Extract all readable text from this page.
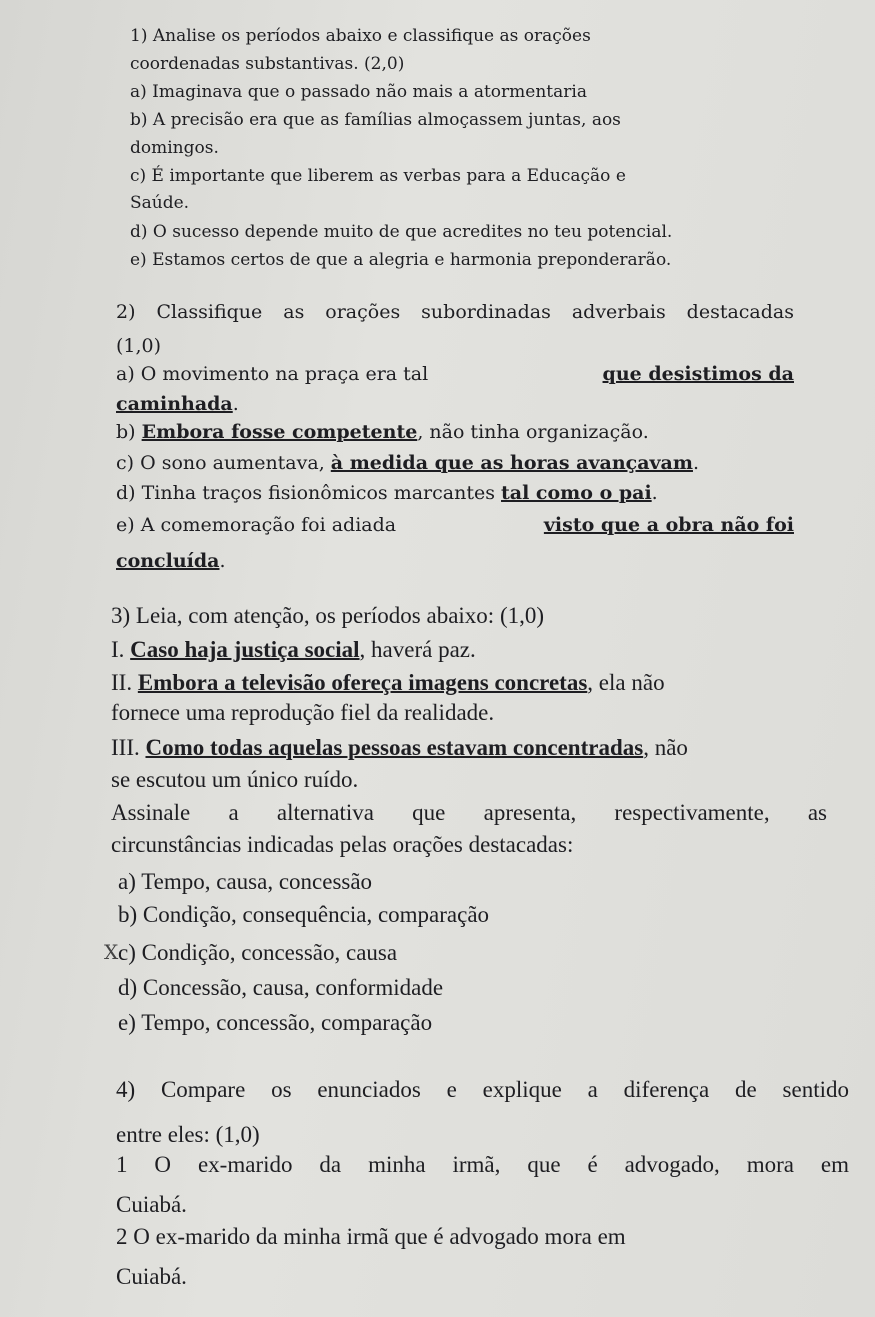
1) Analise os períodos abaixo e classifique as orações
coordenadas substantivas. (2,0)
a) Imaginava que o passado não mais a atormentaria
b) A precisão era que as famílias almoçassem juntas, aos
domingos.
c) É importante que liberem as verbas para a Educação e
Saúde.
d) O sucesso depende muito de que acredites no teu potencial.
e) Estamos certos de que a alegria e harmonia preponderarão.
2) Classifique as orações subordinadas adverbais destacadas
(1,0)
a) O movimento na praça era tal	que desistimos da
caminhada.
b) Embora fosse competente, não tinha organização.
c) O sono aumentava, à medida que as horas avançavam.
d) Tinha traços fisionômicos marcantes tal como o pai.
e) A comemoração foi adiada	visto que a obra não foi
concluída.
3) Leia, com atenção, os períodos abaixo: (1,0)
I. Caso haja justiça social, haverá paz.
II. Embora a televisão ofereça imagens concretas, ela não
fornece uma reprodução fiel da realidade.
III. Como todas aquelas pessoas estavam concentradas, não
se escutou um único ruído.
Assinale a alternativa que apresenta, respectivamente, as
circunstâncias indicadas pelas orações destacadas:
a) Tempo, causa, concessão
b) Condição, consequência, comparação
X c) Condição, concessão, causa
d) Concessão, causa, conformidade
e) Tempo, concessão, comparação
4) Compare os enunciados e explique a diferença de sentido
entre eles: (1,0)
1 O ex-marido da minha irmã, que é advogado, mora em
Cuiabá.
2 O ex-marido da minha irmã que é advogado mora em
Cuiabá.
